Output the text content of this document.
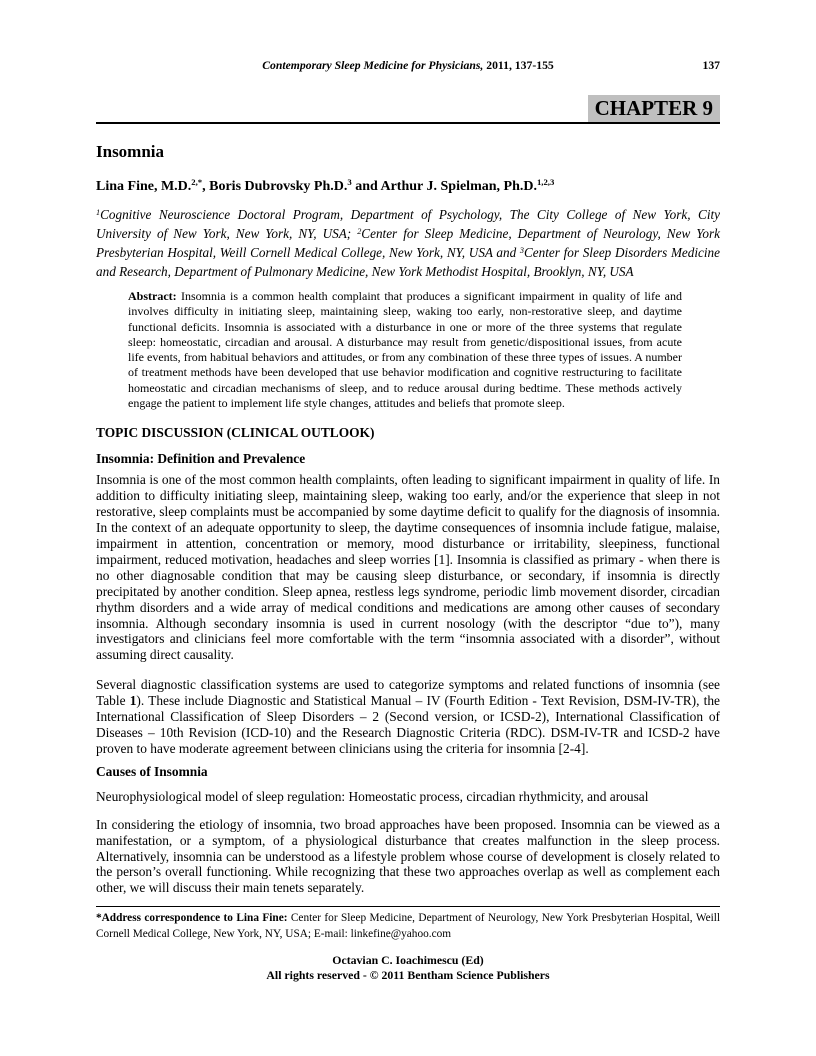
Contemporary Sleep Medicine for Physicians, 2011, 137-155	137
CHAPTER 9
Insomnia

Lina Fine, M.D.$^{2,*}$, Boris Dubrovsky Ph.D.$^3$ and Arthur J. Spielman, Ph.D.$^{1,2,3}$

$^1$Cognitive Neuroscience Doctoral Program, Department of Psychology, The City College of New York, City University of New York, New York, NY, USA; $^2$Center for Sleep Medicine, Department of Neurology, New York Presbyterian Hospital, Weill Cornell Medical College, New York, NY, USA and $^3$Center for Sleep Disorders Medicine and Research, Department of Pulmonary Medicine, New York Methodist Hospital, Brooklyn, NY, USA

Abstract: Insomnia is a common health complaint that produces a significant impairment in quality of life and involves difficulty in initiating sleep, maintaining sleep, waking too early, non-restorative sleep, and daytime functional deficits. Insomnia is associated with a disturbance in one or more of the three systems that regulate sleep: homeostatic, circadian and arousal. A disturbance may result from genetic/dispositional issues, from acute life events, from habitual behaviors and attitudes, or from any combination of these three types of issues. A number of treatment methods have been developed that use behavior modification and cognitive restructuring to facilitate homeostatic and circadian mechanisms of sleep, and to reduce arousal during bedtime. These methods actively engage the patient to implement life style changes, attitudes and beliefs that promote sleep.

TOPIC DISCUSSION (CLINICAL OUTLOOK)
Insomnia: Definition and Prevalence

Insomnia is one of the most common health complaints, often leading to significant impairment in quality of life. In addition to difficulty initiating sleep, maintaining sleep, waking too early, and/or the experience that sleep in not restorative, sleep complaints must be accompanied by some daytime deficit to qualify for the diagnosis of insomnia. In the context of an adequate opportunity to sleep, the daytime consequences of insomnia include fatigue, malaise, impairment in attention, concentration or memory, mood disturbance or irritability, sleepiness, functional impairment, reduced motivation, headaches and sleep worries [1]. Insomnia is classified as primary - when there is no other diagnosable condition that may be causing sleep disturbance, or secondary, if insomnia is directly precipitated by another condition. Sleep apnea, restless legs syndrome, periodic limb movement disorder, circadian rhythm disorders and a wide array of medical conditions and medications are among other causes of secondary insomnia. Although secondary insomnia is used in current nosology (with the descriptor “due to”), many investigators and clinicians feel more comfortable with the term “insomnia associated with a disorder”, without assuming direct causality.

Several diagnostic classification systems are used to categorize symptoms and related functions of insomnia (see Table 1). These include Diagnostic and Statistical Manual – IV (Fourth Edition - Text Revision, DSM-IV-TR), the International Classification of Sleep Disorders – 2 (Second version, or ICSD-2), International Classification of Diseases – 10th Revision (ICD-10) and the Research Diagnostic Criteria (RDC). DSM-IV-TR and ICSD-2 have proven to have moderate agreement between clinicians using the criteria for insomnia [2-4].

Causes of Insomnia

Neurophysiological model of sleep regulation: Homeostatic process, circadian rhythmicity, and arousal

In considering the etiology of insomnia, two broad approaches have been proposed. Insomnia can be viewed as a manifestation, or a symptom, of a physiological disturbance that creates malfunction in the sleep process. Alternatively, insomnia can be understood as a lifestyle problem whose course of development is closely related to the person’s overall functioning. While recognizing that these two approaches overlap as well as complement each other, we will discuss their main tenets separately.

*Address correspondence to Lina Fine: Center for Sleep Medicine, Department of Neurology, New York Presbyterian Hospital, Weill Cornell Medical College, New York, NY, USA; E-mail: linkefine@yahoo.com

Octavian C. Ioachimescu (Ed)
All rights reserved - © 2011 Bentham Science Publishers
